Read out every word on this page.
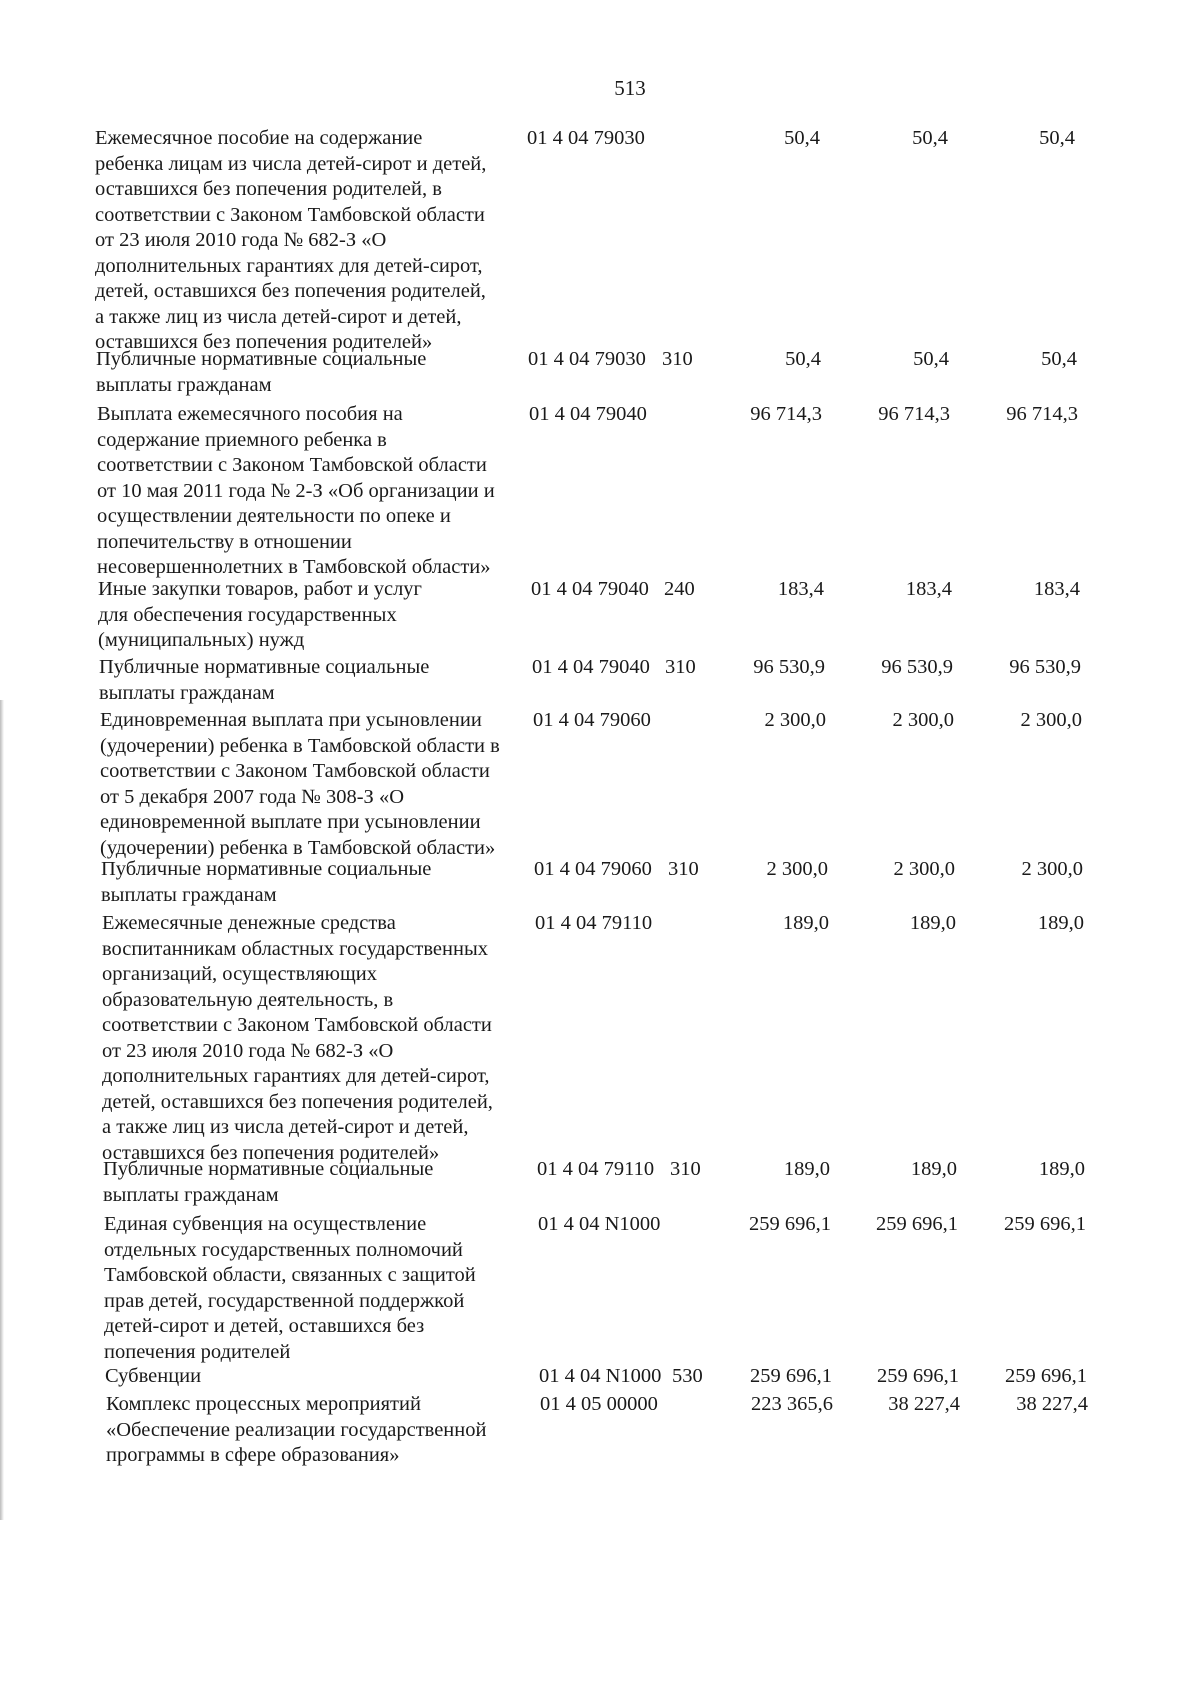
513
Ежемесячное пособие на содержание
ребенка лицам из числа детей-сирот и детей,
оставшихся без попечения родителей, в
соответствии с Законом Тамбовской области
от 23 июля 2010 года № 682-З «О
дополнительных гарантиях для детей-сирот,
детей, оставшихся без попечения родителей,
а также лиц из числа детей-сирот и детей,
оставшихся без попечения родителей»
01 4 04 79030	50,4	50,4	50,4
Публичные нормативные социальные
выплаты гражданам
01 4 04 79030 310	50,4	50,4	50,4
Выплата ежемесячного пособия на
содержание приемного ребенка в
соответствии с Законом Тамбовской области
от 10 мая 2011 года № 2-З «Об организации и
осуществлении деятельности по опеке и
попечительству в отношении
несовершеннолетних в Тамбовской области»
01 4 04 79040	96 714,3	96 714,3	96 714,3
Иные закупки товаров, работ и услуг
для обеспечения государственных
(муниципальных) нужд
01 4 04 79040 240	183,4	183,4	183,4
Публичные нормативные социальные
выплаты гражданам
01 4 04 79040 310	96 530,9	96 530,9	96 530,9
Единовременная выплата при усыновлении
(удочерении) ребенка в Тамбовской области в
соответствии с Законом Тамбовской области
от 5 декабря 2007 года № 308-З «О
единовременной выплате при усыновлении
(удочерении) ребенка в Тамбовской области»
01 4 04 79060	2 300,0	2 300,0	2 300,0
Публичные нормативные социальные
выплаты гражданам
01 4 04 79060 310	2 300,0	2 300,0	2 300,0
Ежемесячные денежные средства
воспитанникам областных государственных
организаций, осуществляющих
образовательную деятельность, в
соответствии с Законом Тамбовской области
от 23 июля 2010 года № 682-З «О
дополнительных гарантиях для детей-сирот,
детей, оставшихся без попечения родителей,
а также лиц из числа детей-сирот и детей,
оставшихся без попечения родителей»
01 4 04 79110	189,0	189,0	189,0
Публичные нормативные социальные
выплаты гражданам
01 4 04 79110 310	189,0	189,0	189,0
Единая субвенция на осуществление
отдельных государственных полномочий
Тамбовской области, связанных с защитой
прав детей, государственной поддержкой
детей-сирот и детей, оставшихся без
попечения родителей
01 4 04 N1000	259 696,1	259 696,1	259 696,1
Субвенции	01 4 04 N1000 530	259 696,1	259 696,1	259 696,1
Комплекс процессных мероприятий
«Обеспечение реализации государственной
программы в сфере образования»
01 4 05 00000	223 365,6	38 227,4	38 227,4
